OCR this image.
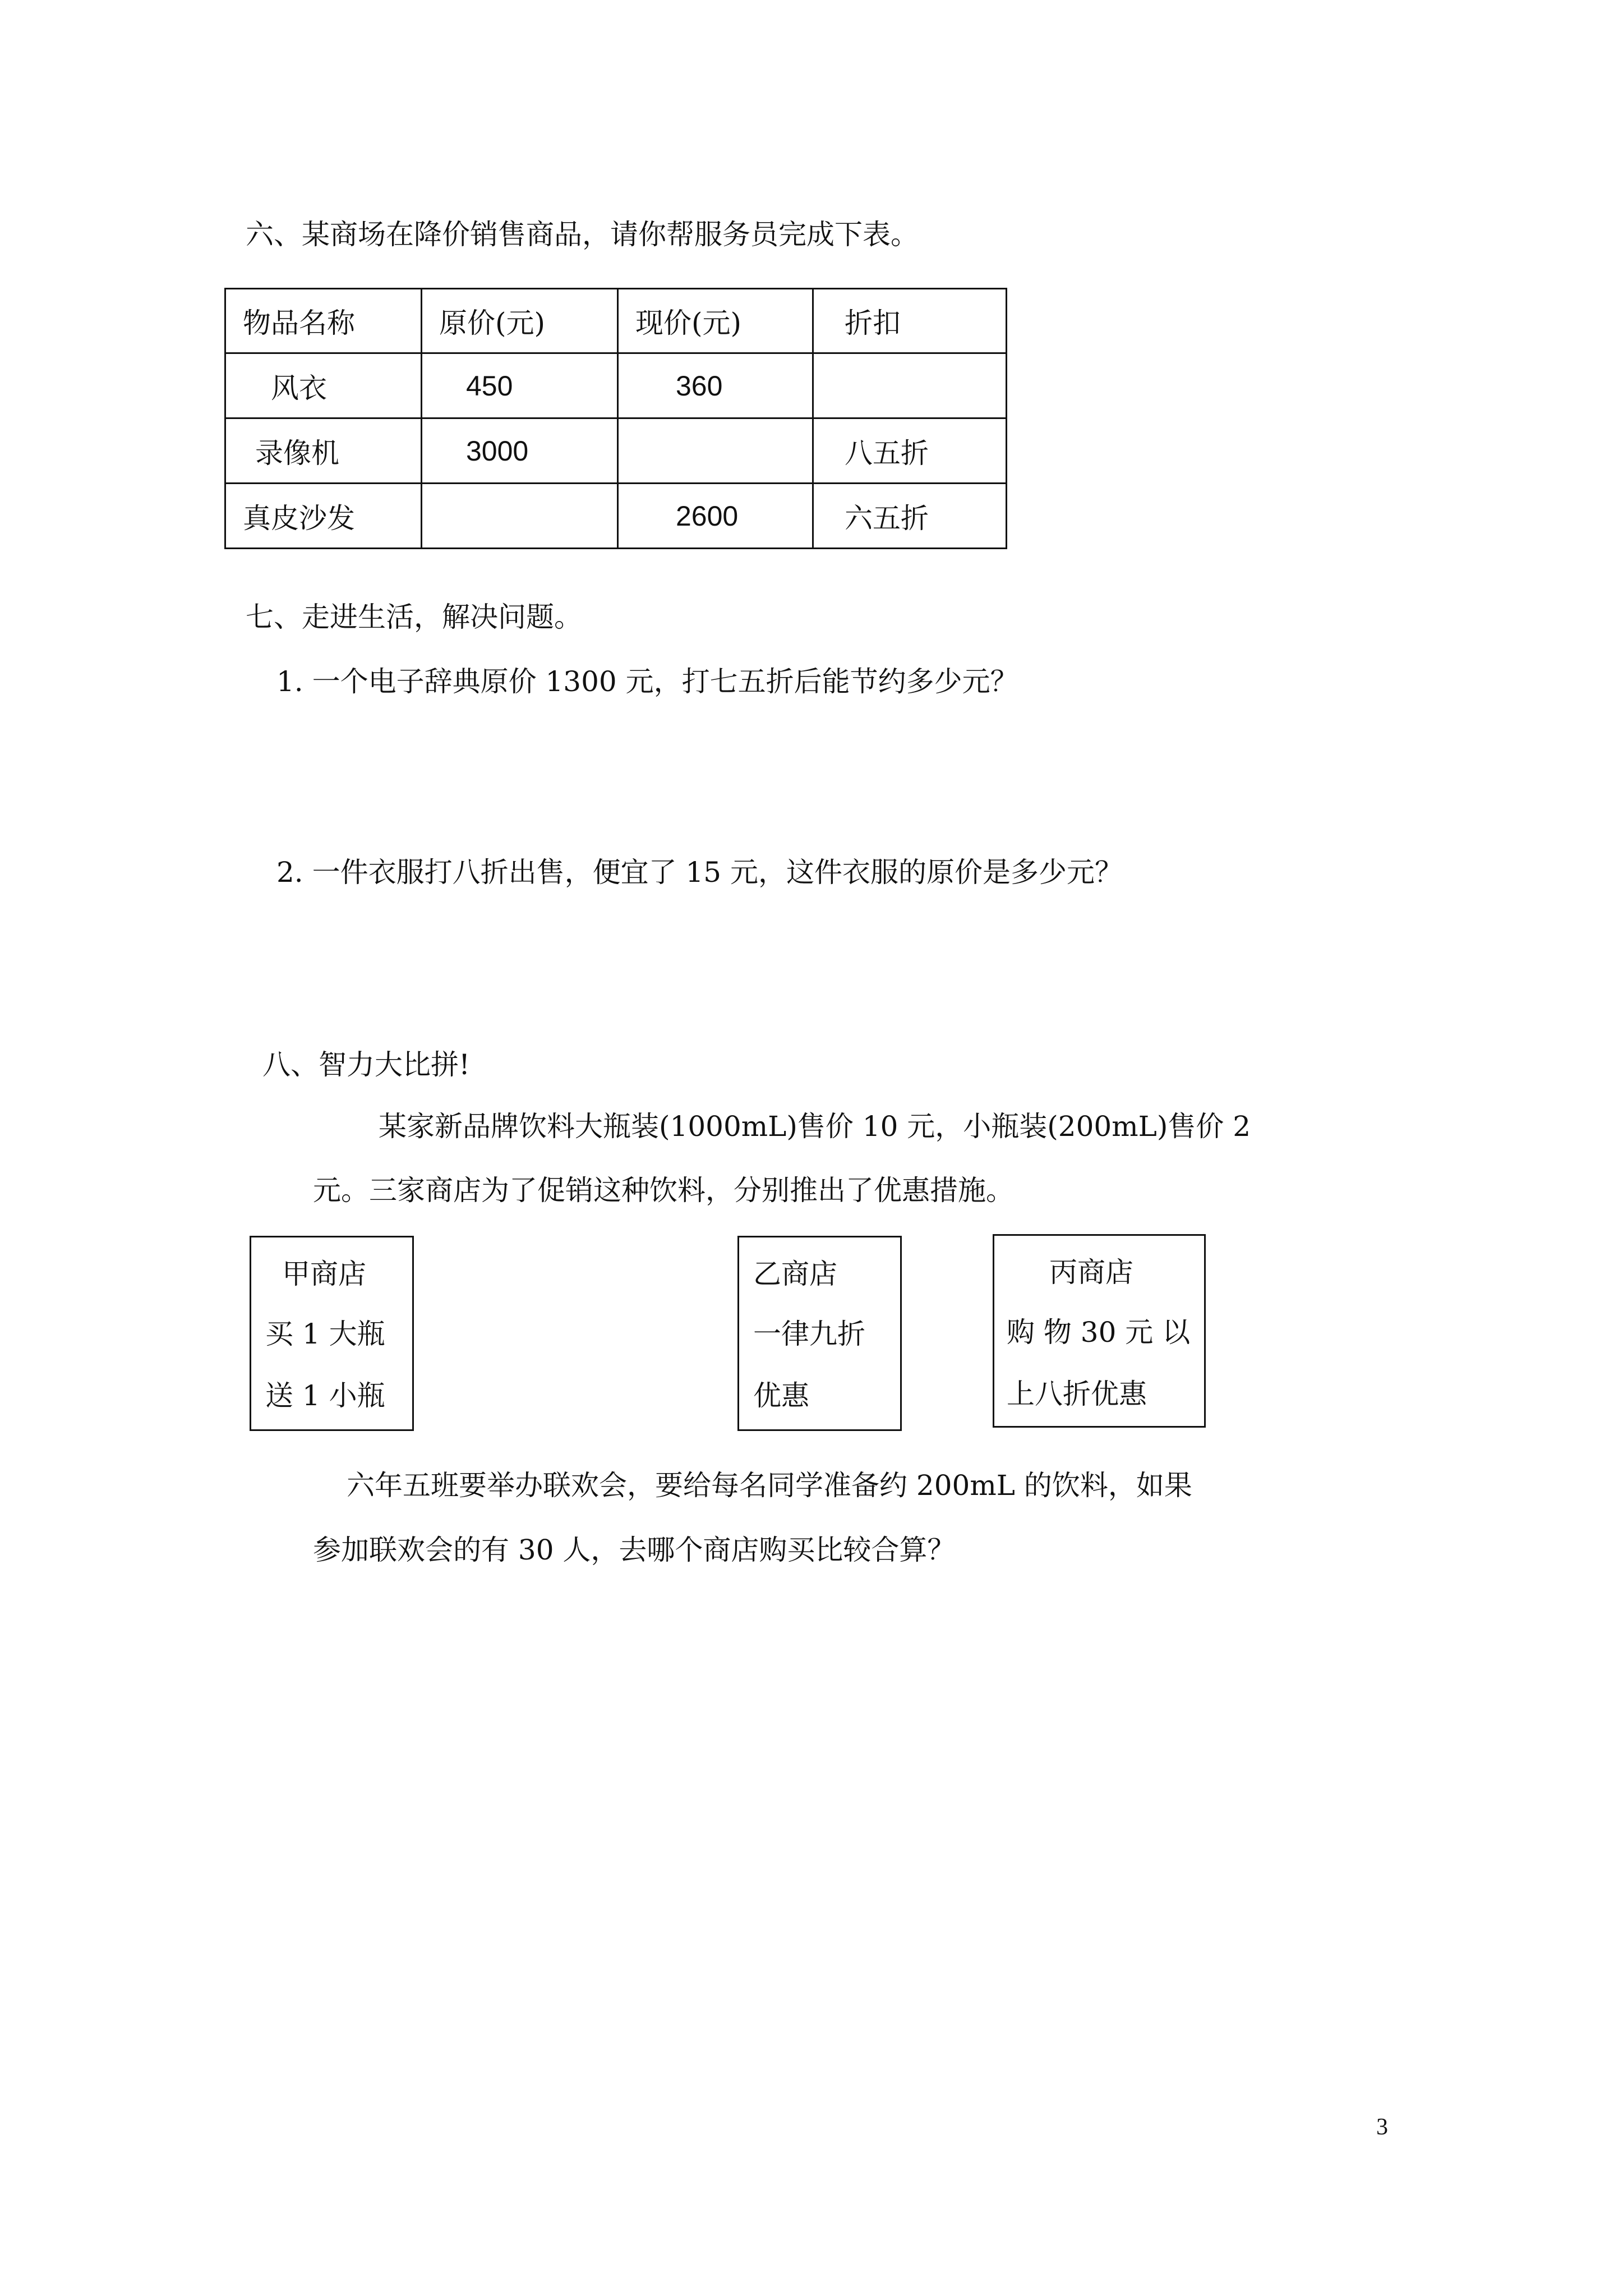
六、某商场在降价销售商品，请你帮服务员完成下表。
物品名称	原价(元)	现价(元)	折扣
风衣	450	360	
录像机	3000		八五折
真皮沙发		2600	六五折
七、走进生活，解决问题。
1. 一个电子辞典原价 1300 元，打七五折后能节约多少元？
2. 一件衣服打八折出售，便宜了 15 元，这件衣服的原价是多少元？
八、智力大比拼!
某家新品牌饮料大瓶装(1000mL)售价 10 元，小瓶装(200mL)售价 2
元。三家商店为了促销这种饮料，分别推出了优惠措施。
甲商店
买 1 大瓶
送 1 小瓶
乙商店
一律九折
优惠
丙商店
购 物 30 元 以
上八折优惠
六年五班要举办联欢会，要给每名同学准备约 200mL 的饮料，如果
参加联欢会的有 30 人，去哪个商店购买比较合算？
3
